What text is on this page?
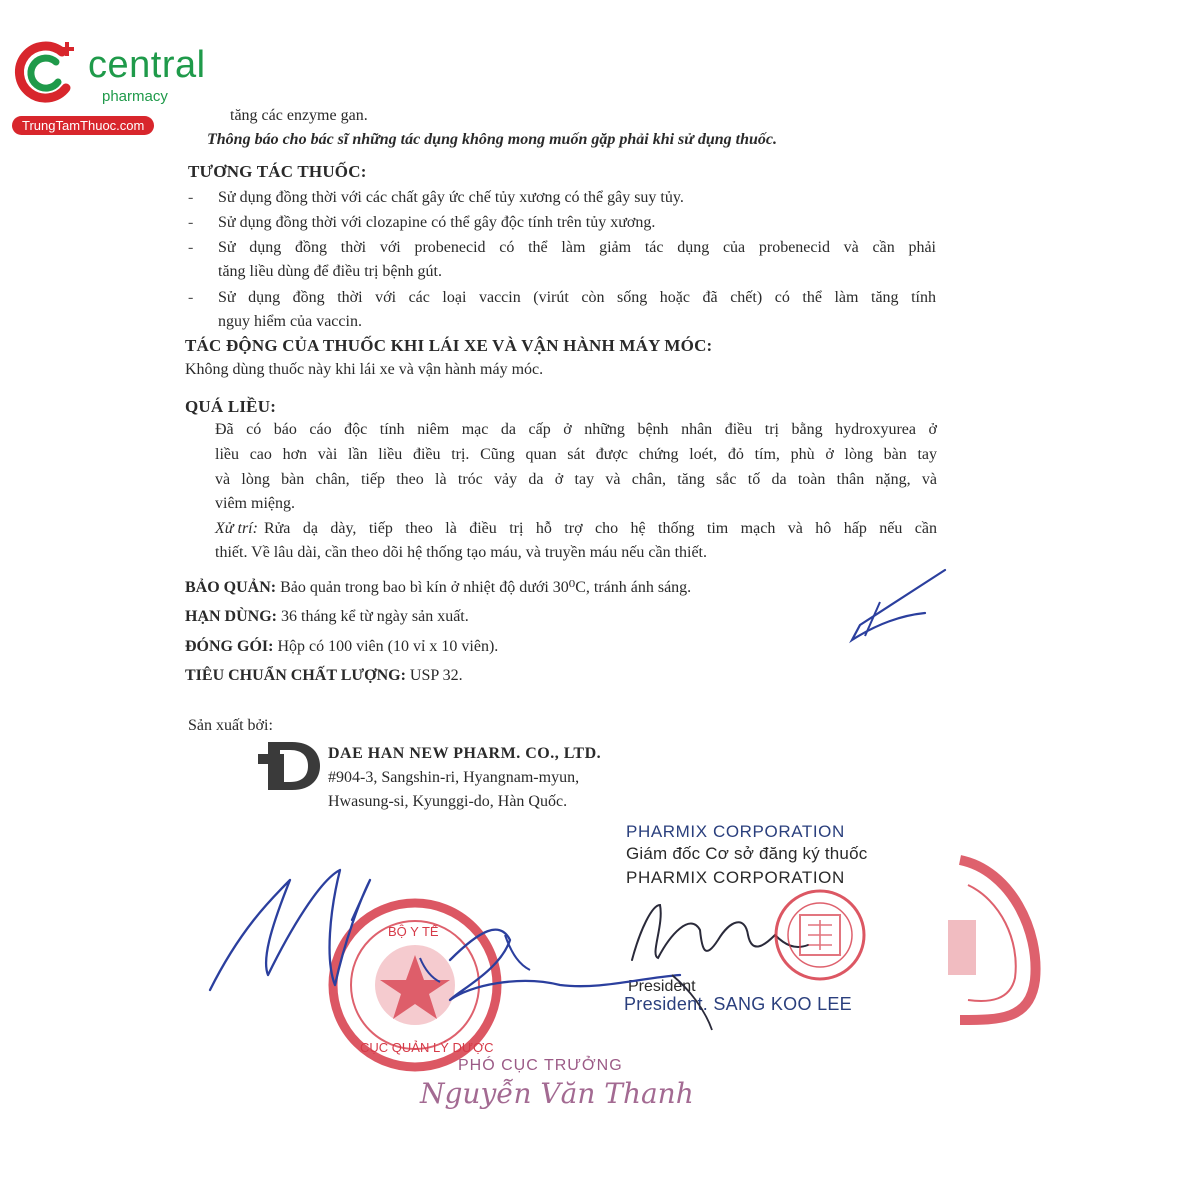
central
pharmacy
TrungTamThuoc.com
tăng các enzyme gan.
Thông báo cho bác sĩ những tác dụng không mong muốn gặp phải khi sử dụng thuốc.
TƯƠNG TÁC THUỐC:
- Sử dụng đồng thời với các chất gây ức chế tủy xương có thể gây suy tủy.
- Sử dụng đồng thời với clozapine có thể gây độc tính trên tủy xương.
- Sử dụng đồng thời với probenecid có thể làm giảm tác dụng của probenecid và cần phải
tăng liều dùng để điều trị bệnh gút.
- Sử dụng đồng thời với các loại vaccin (virút còn sống hoặc đã chết) có thể làm tăng tính
nguy hiểm của vaccin.
TÁC ĐỘNG CỦA THUỐC KHI LÁI XE VÀ VẬN HÀNH MÁY MÓC:
Không dùng thuốc này khi lái xe và vận hành máy móc.
QUÁ LIỀU:
Đã có báo cáo độc tính niêm mạc da cấp ở những bệnh nhân điều trị bằng hydroxyurea ở
liều cao hơn vài lần liều điều trị. Cũng quan sát được chứng loét, đỏ tím, phù ở lòng bàn tay
và lòng bàn chân, tiếp theo là tróc vảy da ở tay và chân, tăng sắc tố da toàn thân nặng, và
viêm miệng.
Xử trí: Rửa dạ dày, tiếp theo là điều trị hỗ trợ cho hệ thống tim mạch và hô hấp nếu cần
thiết. Về lâu dài, cần theo dõi hệ thống tạo máu, và truyền máu nếu cần thiết.
BẢO QUẢN: Bảo quản trong bao bì kín ở nhiệt độ dưới 30⁰C, tránh ánh sáng.
HẠN DÙNG: 36 tháng kể từ ngày sản xuất.
ĐÓNG GÓI: Hộp có 100 viên (10 vỉ x 10 viên).
TIÊU CHUẨN CHẤT LƯỢNG: USP 32.
Sản xuất bởi:
DAE HAN NEW PHARM. CO., LTD.
#904-3, Sangshin-ri, Hyangnam-myun,
Hwasung-si, Kyunggi-do, Hàn Quốc.
PHARMIX CORPORATION
Giám đốc Cơ sở đăng ký thuốc
PHARMIX CORPORATION
President
President. SANG KOO LEE
PHÓ CỤC TRƯỞNG
Nguyễn Văn Thanh
BỘ Y TẾ
CỤC QUẢN LÝ DƯỢC
